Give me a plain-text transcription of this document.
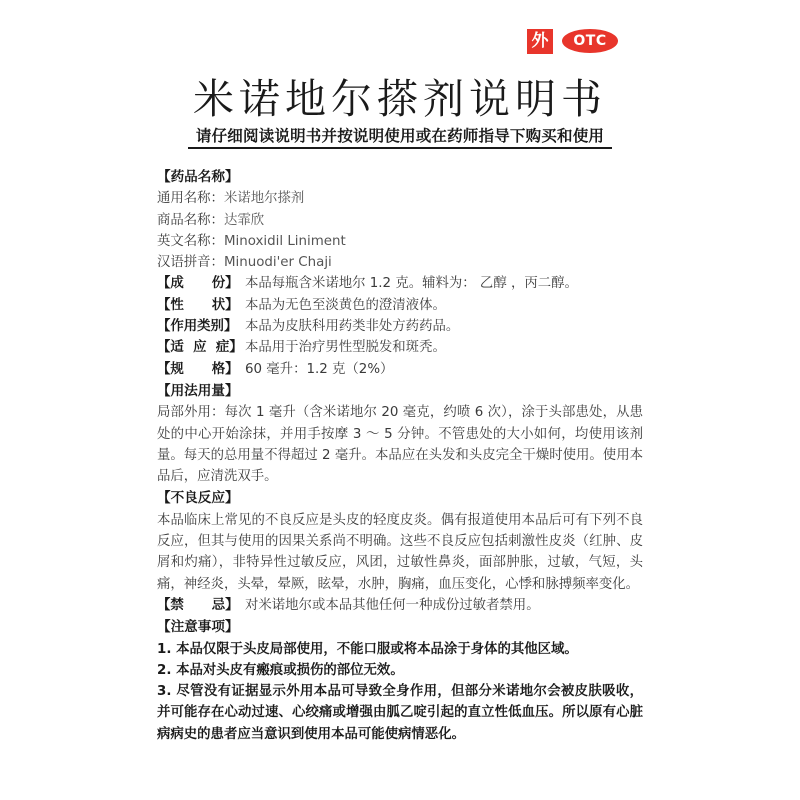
外	OTC
米诺地尔搽剂说明书
请仔细阅读说明书并按说明使用或在药师指导下购买和使用
【药品名称】
通用名称： 米诺地尔搽剂
商品名称： 达霏欣
英文名称： Minoxidil Liniment
汉语拼音： Minuodi'er Chaji
【成      份】 本品每瓶含米诺地尔 1.2 克。辅料为： 乙醇 ，丙二醇。
【性      状】 本品为无色至淡黄色的澄清液体。
【作用类别】 本品为皮肤科用药类非处方药药品。
【适  应  症】 本品用于治疗男性型脱发和斑秃。
【规      格】 60 毫升：1.2 克（2%）
【用法用量】
局部外用：每次 1 毫升（含米诺地尔 20 毫克，约喷 6 次），涂于头部患处，从患处的中心开始涂抹，并用手按摩 3 ～ 5 分钟。不管患处的大小如何，均使用该剂量。每天的总用量不得超过 2 毫升。本品应在头发和头皮完全干燥时使用。使用本品后，应清洗双手。
【不良反应】
本品临床上常见的不良反应是头皮的轻度皮炎。偶有报道使用本品后可有下列不良反应，但其与使用的因果关系尚不明确。这些不良反应包括刺激性皮炎（红肿、皮屑和灼痛），非特异性过敏反应，风团，过敏性鼻炎，面部肿胀，过敏，气短，头痛，神经炎，头晕，晕厥，眩晕，水肿，胸痛，血压变化，心悸和脉搏频率变化。
【禁      忌】 对米诺地尔或本品其他任何一种成份过敏者禁用。
【注意事项】
1. 本品仅限于头皮局部使用，不能口服或将本品涂于身体的其他区域。
2. 本品对头皮有瘢痕或损伤的部位无效。
3. 尽管没有证据显示外用本品可导致全身作用，但部分米诺地尔会被皮肤吸收，并可能存在心动过速、心绞痛或增强由胍乙啶引起的直立性低血压。所以原有心脏病病史的患者应当意识到使用本品可能使病情恶化。
